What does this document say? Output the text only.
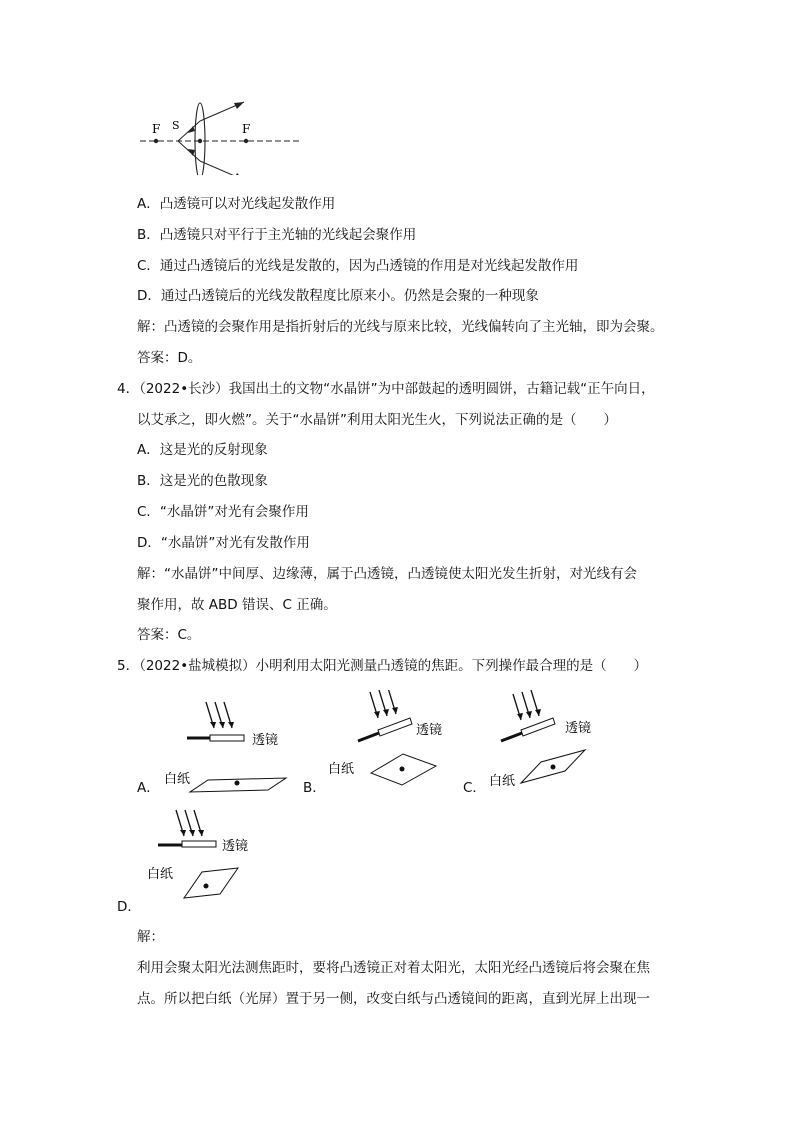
F S	F
A．凸透镜可以对光线起发散作用
B．凸透镜只对平行于主光轴的光线起会聚作用
C．通过凸透镜后的光线是发散的，因为凸透镜的作用是对光线起发散作用
D．通过凸透镜后的光线发散程度比原来小。仍然是会聚的一种现象
解：凸透镜的会聚作用是指折射后的光线与原来比较，光线偏转向了主光轴，即为会聚。
答案：D。
4．（2022•长沙）我国出土的文物“水晶饼”为中部鼓起的透明圆饼，古籍记载“正午向日，
以艾承之，即火燃”。关于“水晶饼”利用太阳光生火，下列说法正确的是（　　）
A．这是光的反射现象
B．这是光的色散现象
C．“水晶饼”对光有会聚作用
D．“水晶饼”对光有发散作用
解：“水晶饼”中间厚、边缘薄，属于凸透镜，凸透镜使太阳光发生折射，对光线有会
聚作用，故 ABD 错误、C 正确。
答案：C。
5．（2022•盐城模拟）小明利用太阳光测量凸透镜的焦距。下列操作最合理的是（　　）
透镜
白纸
A．
透镜
白纸
B．
透镜
白纸
C．
透镜
白纸
D．
解：
利用会聚太阳光法测焦距时，要将凸透镜正对着太阳光，太阳光经凸透镜后将会聚在焦
点。所以把白纸（光屏）置于另一侧，改变白纸与凸透镜间的距离，直到光屏上出现一
